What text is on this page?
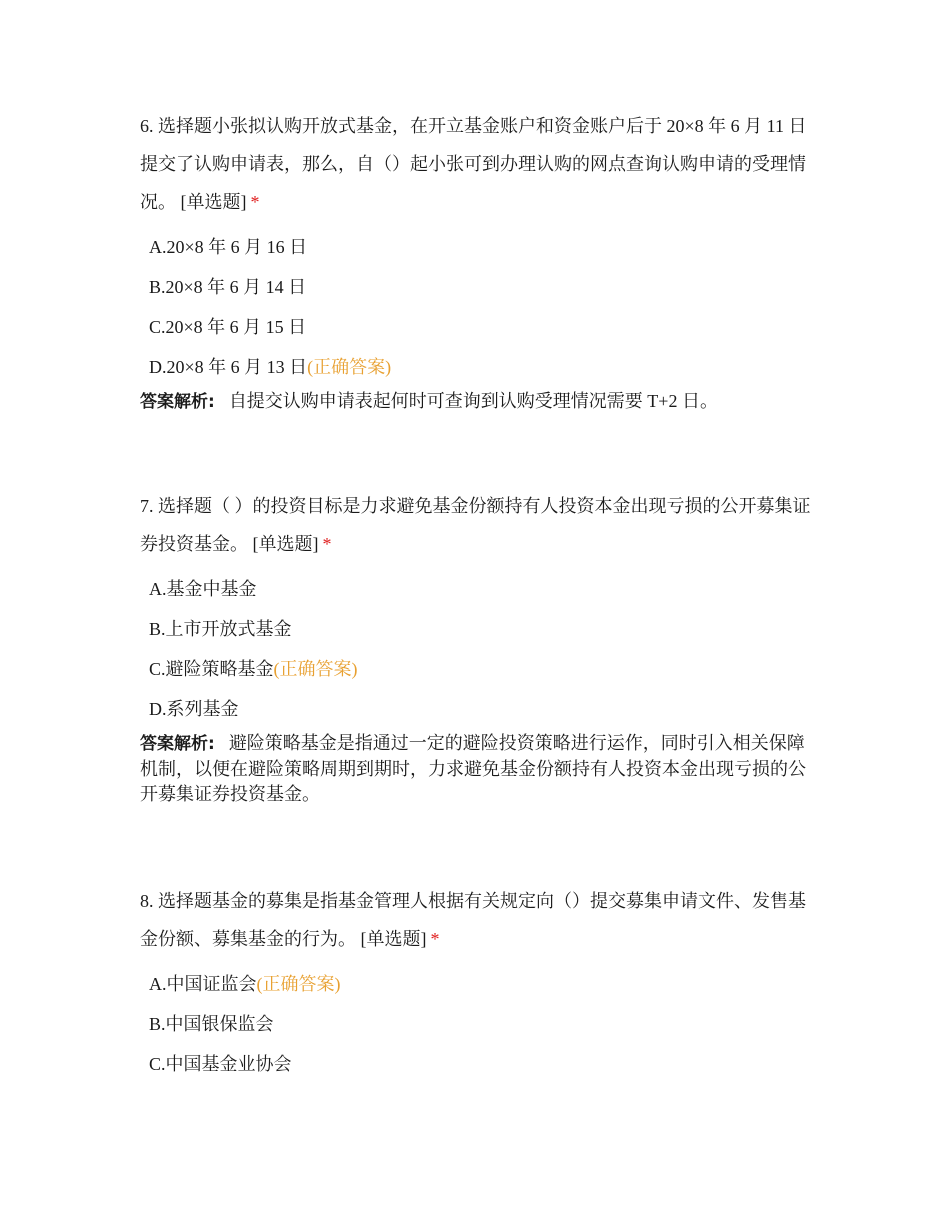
6. 选择题小张拟认购开放式基金，在开立基金账户和资金账户后于 20×8 年 6 月 11 日提交了认购申请表，那么，自（）起小张可到办理认购的网点查询认购申请的受理情况。 [单选题] *

A.20×8 年 6 月 16 日
B.20×8 年 6 月 14 日
C.20×8 年 6 月 15 日
D.20×8 年 6 月 13 日(正确答案)

答案解析: 自提交认购申请表起何时可查询到认购受理情况需要 T+2 日。

7. 选择题（ ）的投资目标是力求避免基金份额持有人投资本金出现亏损的公开募集证券投资基金。 [单选题] *

A.基金中基金
B.上市开放式基金
C.避险策略基金(正确答案)
D.系列基金

答案解析: 避险策略基金是指通过一定的避险投资策略进行运作，同时引入相关保障机制，以便在避险策略周期到期时，力求避免基金份额持有人投资本金出现亏损的公开募集证券投资基金。

8. 选择题基金的募集是指基金管理人根据有关规定向（）提交募集申请文件、发售基金份额、募集基金的行为。 [单选题] *

A.中国证监会(正确答案)
B.中国银保监会
C.中国基金业协会
